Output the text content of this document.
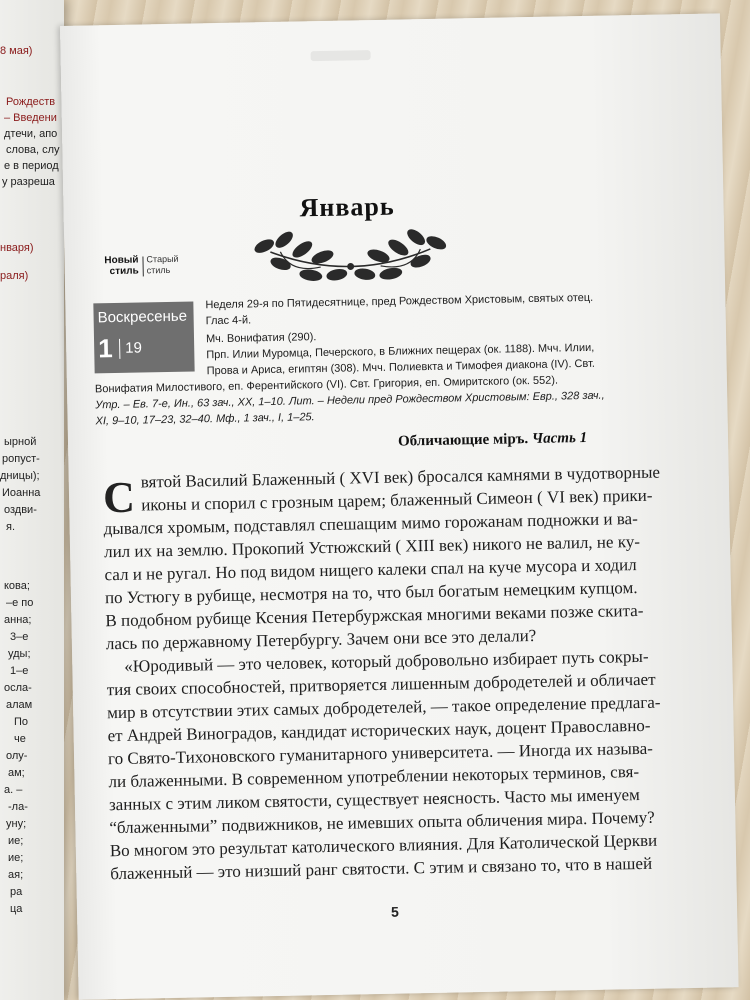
8 мая)
Рождеств
– Введени
дтечи, апо
слова, слу
е в период
у разреша
нваря)
раля)
ырной
ропуст-
дницы);
Иоанна
оздви-
я.
кова;
–е по
анна;
3–е
уды;
1–е
осла-
алам
По
че
олу-
ам;
а. –
-ла-
уну;
ие;
ие;
ая;
ра
ца
Январь
Новый стиль
Старый стиль
Воскресенье
1 19
Неделя 29-я по Пятидесятнице, пред Рождеством Христовым, святых отец.
Глас 4-й.
Мч. Вонифатия (290).
Прп. Илии Муромца, Печерского, в Ближних пещерах (ок. 1188). Мчч. Илии,
Прова и Ариса, египтян (308). Мчч. Полиевкта и Тимофея диакона (IV). Свт.
Вонифатия Милостивого, еп. Ферентийского (VI). Свт. Григория, еп. Омиритского (ок. 552).
Утр. – Ев. 7-е, Ин., 63 зач., XX, 1–10. Лит. – Недели пред Рождеством Христовым: Евр., 328 зач.,
XI, 9–10, 17–23, 32–40. Мф., 1 зач., I, 1–25.
Обличающие міръ. Часть 1
С вятой Василий Блаженный ( XVI век) бросался камнями в чудотворные
иконы и спорил с грозным царем; блаженный Симеон ( VI век) прики-
дывался хромым, подставлял спешащим мимо горожанам подножки и ва-
лил их на землю. Прокопий Устюжский ( XIII век) никого не валил, не ку-
сал и не ругал. Но под видом нищего калеки спал на куче мусора и ходил
по Устюгу в рубище, несмотря на то, что был богатым немецким купцом.
В подобном рубище Ксения Петербуржская многими веками позже скита-
лась по державному Петербургу. Зачем они все это делали?
«Юродивый — это человек, который добровольно избирает путь сокры-
тия своих способностей, притворяется лишенным добродетелей и обличает
мир в отсутствии этих самых добродетелей, — такое определение предлага-
ет Андрей Виноградов, кандидат исторических наук, доцент Православно-
го Свято-Тихоновского гуманитарного университета. — Иногда их называ-
ли блаженными. В современном употреблении некоторых терминов, свя-
занных с этим ликом святости, существует неясность. Часто мы именуем
“блаженными” подвижников, не имевших опыта обличения мира. Почему?
Во многом это результат католического влияния. Для Католической Церкви
блаженный — это низший ранг святости. С этим и связано то, что в нашей
5
